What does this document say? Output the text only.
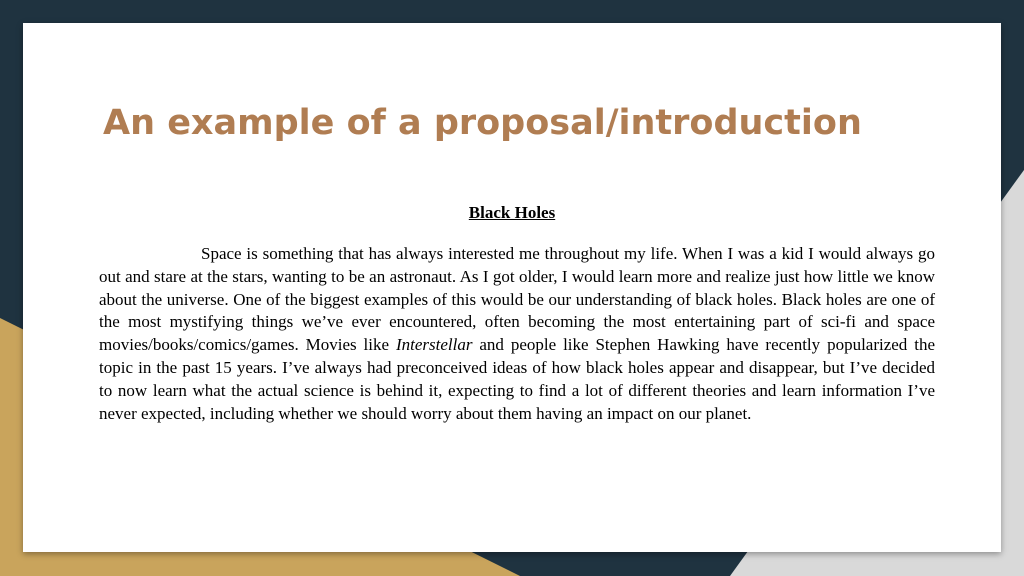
An example of a proposal/introduction
Black Holes

Space is something that has always interested me throughout my life. When I was a kid I would always go out and stare at the stars, wanting to be an astronaut. As I got older, I would learn more and realize just how little we know about the universe. One of the biggest examples of this would be our understanding of black holes. Black holes are one of the most mystifying things we’ve ever encountered, often becoming the most entertaining part of sci-fi and space movies/books/comics/games. Movies like Interstellar and people like Stephen Hawking have recently popularized the topic in the past 15 years. I’ve always had preconceived ideas of how black holes appear and disappear, but I’ve decided to now learn what the actual science is behind it, expecting to find a lot of different theories and learn information I’ve never expected, including whether we should worry about them having an impact on our planet.
